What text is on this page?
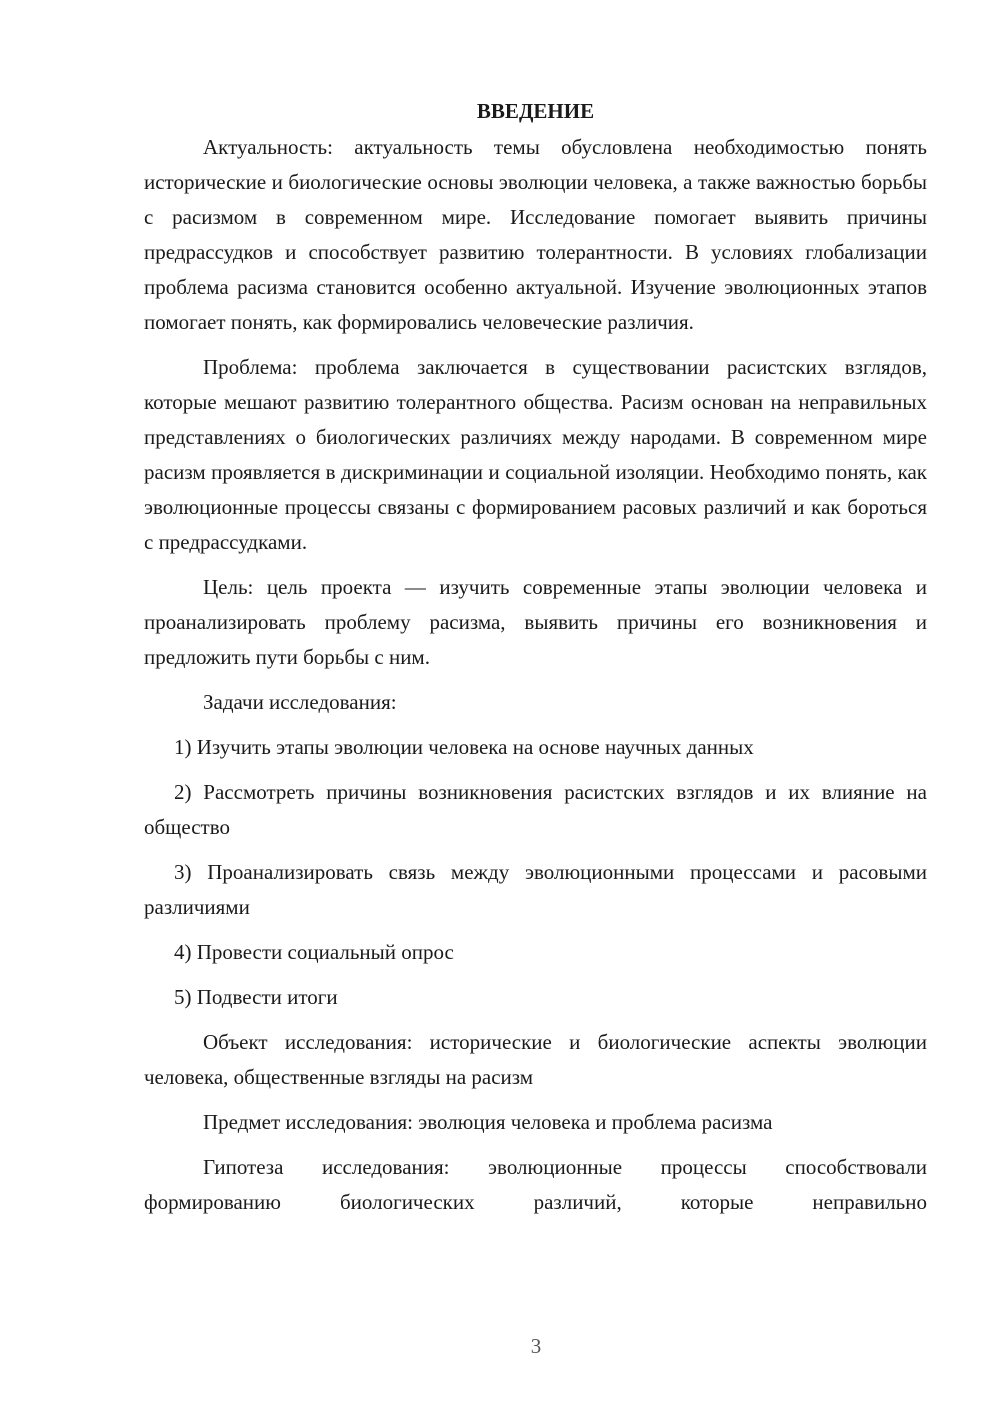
ВВЕДЕНИЕ

Актуальность: актуальность темы обусловлена необходимостью понять исторические и биологические основы эволюции человека, а также важностью борьбы с расизмом в современном мире. Исследование помогает выявить причины предрассудков и способствует развитию толерантности. В условиях глобализации проблема расизма становится особенно актуальной. Изучение эволюционных этапов помогает понять, как формировались человеческие различия.

Проблема: проблема заключается в существовании расистских взглядов, которые мешают развитию толерантного общества. Расизм основан на неправильных представлениях о биологических различиях между народами. В современном мире расизм проявляется в дискриминации и социальной изоляции. Необходимо понять, как эволюционные процессы связаны с формированием расовых различий и как бороться с предрассудками.

Цель: цель проекта — изучить современные этапы эволюции человека и проанализировать проблему расизма, выявить причины его возникновения и предложить пути борьбы с ним.

Задачи исследования:

1) Изучить этапы эволюции человека на основе научных данных

2) Рассмотреть причины возникновения расистских взглядов и их влияние на общество

3) Проанализировать связь между эволюционными процессами и расовыми различиями

4) Провести социальный опрос

5) Подвести итоги

Объект исследования: исторические и биологические аспекты эволюции человека, общественные взгляды на расизм

Предмет исследования: эволюция человека и проблема расизма

Гипотеза исследования: эволюционные процессы способствовали формированию биологических различий, которые неправильно

3
